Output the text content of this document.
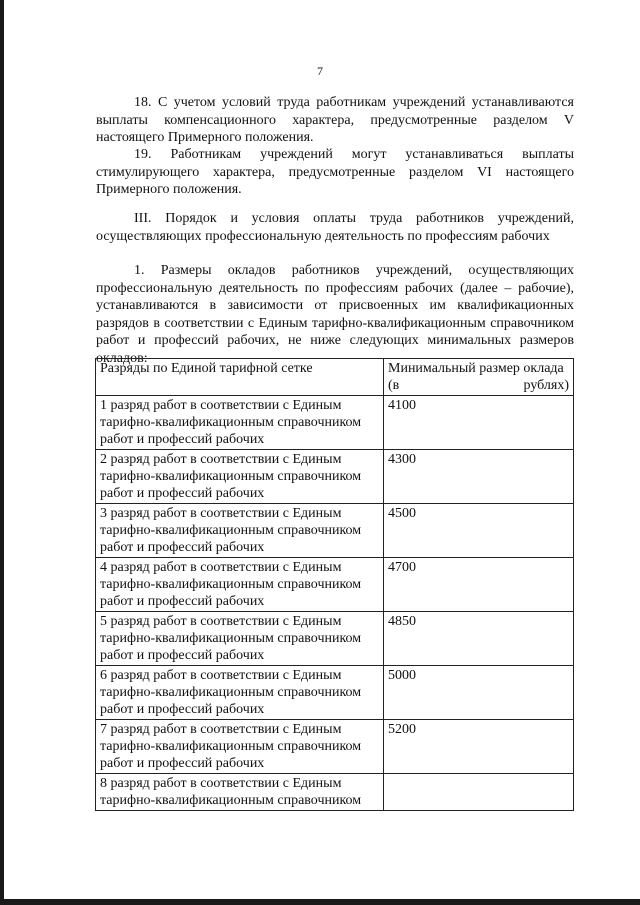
7
18. С учетом условий труда работникам учреждений устанавливаются выплаты компенсационного характера, предусмотренные разделом V настоящего Примерного положения.
19. Работникам учреждений могут устанавливаться выплаты стимулирующего характера, предусмотренные разделом VI настоящего Примерного положения.
III. Порядок и условия оплаты труда работников учреждений, осуществляющих профессиональную деятельность по профессиям рабочих
1. Размеры окладов работников учреждений, осуществляющих профессиональную деятельность по профессиям рабочих (далее – рабочие), устанавливаются в зависимости от присвоенных им квалификационных разрядов в соответствии с Единым тарифно-квалификационным справочником работ и профессий рабочих, не ниже следующих минимальных размеров окладов:
Разряды по Единой тарифной сетке	Минимальный размер оклада (в рублях)
1 разряд работ в соответствии с Единым тарифно-квалификационным справочником работ и профессий рабочих	4100
2 разряд работ в соответствии с Единым тарифно-квалификационным справочником работ и профессий рабочих	4300
3 разряд работ в соответствии с Единым тарифно-квалификационным справочником работ и профессий рабочих	4500
4 разряд работ в соответствии с Единым тарифно-квалификационным справочником работ и профессий рабочих	4700
5 разряд работ в соответствии с Единым тарифно-квалификационным справочником работ и профессий рабочих	4850
6 разряд работ в соответствии с Единым тарифно-квалификационным справочником работ и профессий рабочих	5000
7 разряд работ в соответствии с Единым тарифно-квалификационным справочником работ и профессий рабочих	5200
8 разряд работ в соответствии с Единым тарифно-квалификационным справочником	
